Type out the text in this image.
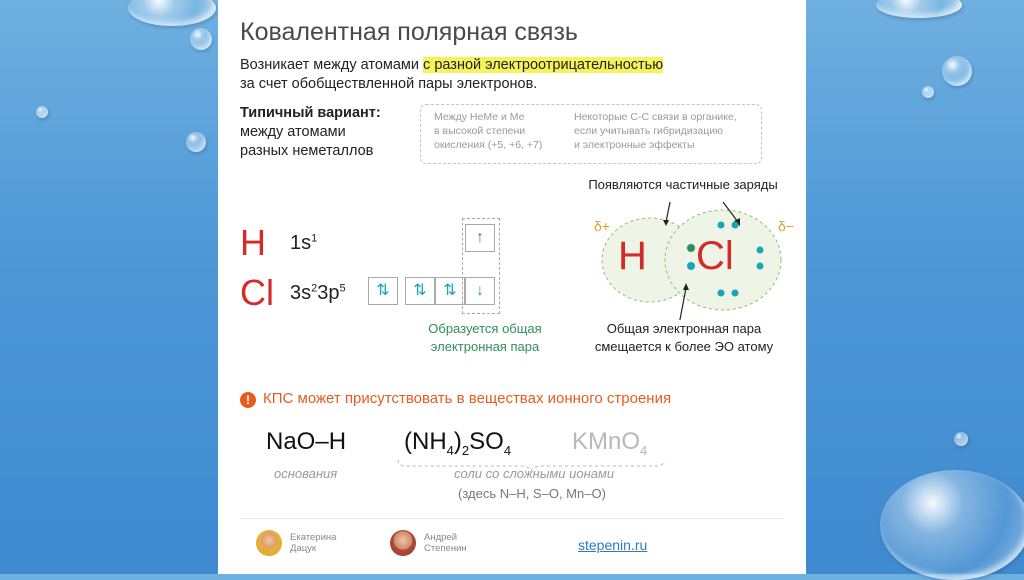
Ковалентная полярная связь
Возникает между атомами с разной электроотрицательностью
за счет обобществленной пары электронов.
Типичный вариант:
между атомами
разных неметаллов
Между НеМе и Ме
в высокой степени
окисления (+5, +6, +7)
Некоторые С-С связи в органике,
если учитывать гибридизацию
и электронные эффекты
H $1s^1$
Cl $3s^23p^5$
↑
⇅	⇅	⇅	↓
Образуется общая
электронная пара
Появляются частичные заряды
H Cl
δ+	δ−
Общая электронная пара
смещается к более ЭО атому
! КПС может присутствовать в веществах ионного строения
NaO–H $(NH_4)_2SO_4$	KMnO$_4$
основания	соли со сложными ионами
(здесь N–H, S–O, Mn–O)
Екатерина
Дацук
Андрей
Степенин	stepenin.ru
